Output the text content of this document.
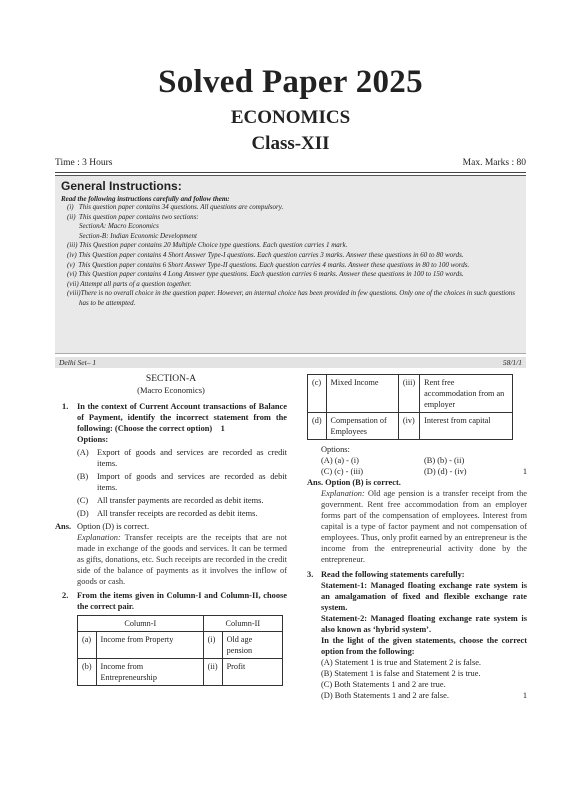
Solved Paper 2025
ECONOMICS
Class-XII
Time : 3 Hours	Max. Marks : 80
General Instructions:
Read the following instructions carefully and follow them:
(i)   This question paper contains 34 questions. All questions are compulsory.
(ii)  This question paper contains two sections:
SectionA: Macro Economics
Section-B: Indian Economic Development
(iii) This Question paper contains 20 Multiple Choice type questions. Each question carries 1 mark.
(iv) This Question paper contains 4 Short Answer Type-I questions. Each question carries 3 marks. Answer these questions in 60 to 80 words.
(v)  This Question paper contains 6 Short Answer Type-II questions. Each question carries 4 marks. Answer these questions in 80 to 100 words.
(vi) This Question paper contains 4 Long Answer type questions. Each question carries 6 marks. Answer these questions in 100 to 150 words.
(vii) Attempt all parts of a question together.
(viii)There is no overall choice in the question paper. However, an internal choice has been provided in few questions. Only one of the choices in such questions has to be attempted.
Delhi Set– 1	58/1/1
SECTION-A
(Macro Economics)
1. In the context of Current Account transactions of Balance of Payment, identify the incorrect statement from the following: (Choose the correct option)    1
Options:
(A) Export of goods and services are recorded as credit items.
(B) Import of goods and services are recorded as debit items.
(C) All transfer payments are recorded as debit items.
(D) All transfer receipts are recorded as debit items.
Ans. Option (D) is correct.
Explanation: Transfer receipts are the receipts that are not made in exchange of the goods and services. It can be termed as gifts, donations, etc. Such receipts are recorded in the credit side of the balance of payments as it involves the inflow of goods or cash.
2. From the items given in Column-I and Column-II, choose the correct pair.
Column-I		Column-II	
(a)	Income from Property	(i)	Old age pension
(b)	Income from Entrepreneurship	(ii)	Profit
(c)	Mixed Income	(iii)	Rent free accommodation from an employer
(d)	Compensation of Employees	(iv)	Interest from capital
Options:
(A) (a) - (i)	(B) (b) - (ii)
(C) (c) - (iii)	(D) (d) - (iv)	1
Ans. Option (B) is correct.
Explanation: Old age pension is a transfer receipt from the government. Rent free accommodation from an employer forms part of the compensation of employees. Interest from capital is a type of factor payment and not compensation of employees. Thus, only profit earned by an entrepreneur is the income from the entrepreneurial activity done by the entrepreneur.
3. Read the following statements carefully:
Statement-1: Managed floating exchange rate system is an amalgamation of fixed and flexible exchange rate system.
Statement-2: Managed floating exchange rate system is also known as ‘hybrid system’.
In the light of the given statements, choose the correct option from the following:
(A) Statement 1 is true and Statement 2 is false.
(B) Statement 1 is false and Statement 2 is true.
(C) Both Statements 1 and 2 are true.
(D) Both Statements 1 and 2 are false.	1
